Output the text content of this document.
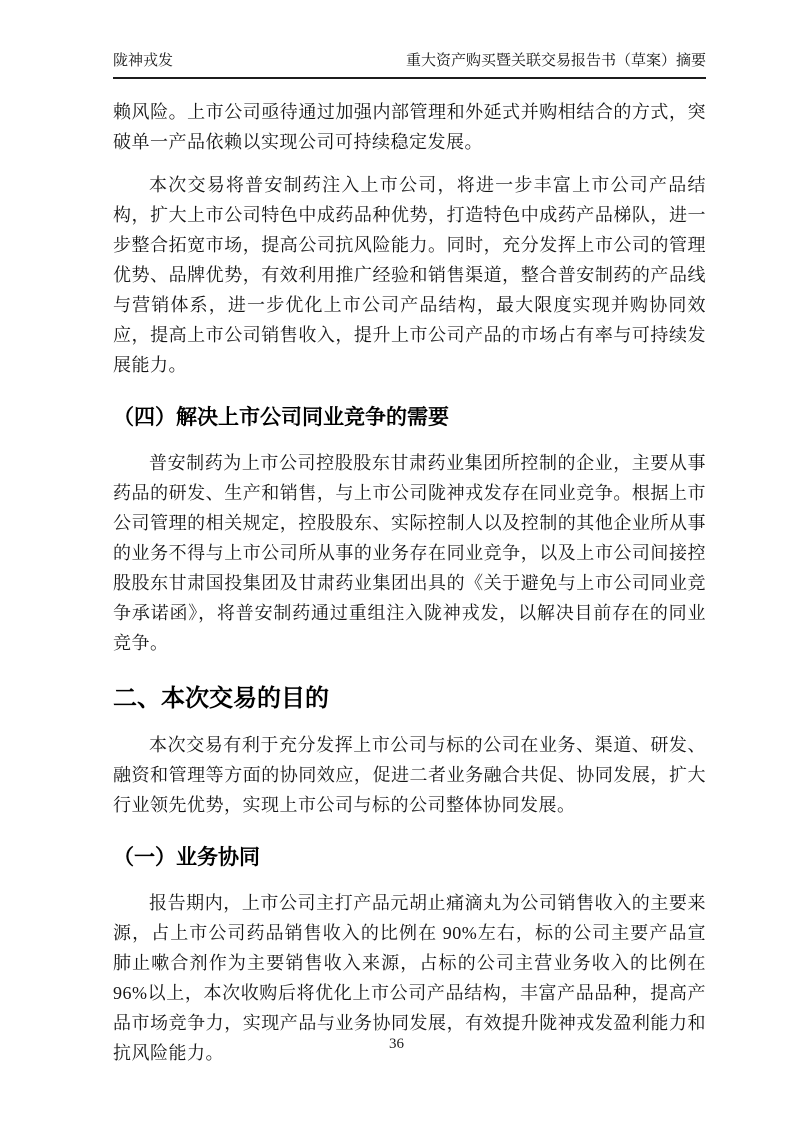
陇神戎发	重大资产购买暨关联交易报告书（草案）摘要
赖风险。上市公司亟待通过加强内部管理和外延式并购相结合的方式，突破单一产品依赖以实现公司可持续稳定发展。
本次交易将普安制药注入上市公司，将进一步丰富上市公司产品结构，扩大上市公司特色中成药品种优势，打造特色中成药产品梯队，进一步整合拓宽市场，提高公司抗风险能力。同时，充分发挥上市公司的管理优势、品牌优势，有效利用推广经验和销售渠道，整合普安制药的产品线与营销体系，进一步优化上市公司产品结构，最大限度实现并购协同效应，提高上市公司销售收入，提升上市公司产品的市场占有率与可持续发展能力。
（四）解决上市公司同业竞争的需要
普安制药为上市公司控股股东甘肃药业集团所控制的企业，主要从事药品的研发、生产和销售，与上市公司陇神戎发存在同业竞争。根据上市公司管理的相关规定，控股股东、实际控制人以及控制的其他企业所从事的业务不得与上市公司所从事的业务存在同业竞争，以及上市公司间接控股股东甘肃国投集团及甘肃药业集团出具的《关于避免与上市公司同业竞争承诺函》，将普安制药通过重组注入陇神戎发，以解决目前存在的同业竞争。
二、本次交易的目的
本次交易有利于充分发挥上市公司与标的公司在业务、渠道、研发、融资和管理等方面的协同效应，促进二者业务融合共促、协同发展，扩大行业领先优势，实现上市公司与标的公司整体协同发展。
（一）业务协同
报告期内，上市公司主打产品元胡止痛滴丸为公司销售收入的主要来源，占上市公司药品销售收入的比例在 90%左右，标的公司主要产品宣肺止嗽合剂作为主要销售收入来源，占标的公司主营业务收入的比例在 96%以上，本次收购后将优化上市公司产品结构，丰富产品品种，提高产品市场竞争力，实现产品与业务协同发展，有效提升陇神戎发盈利能力和抗风险能力。	36
